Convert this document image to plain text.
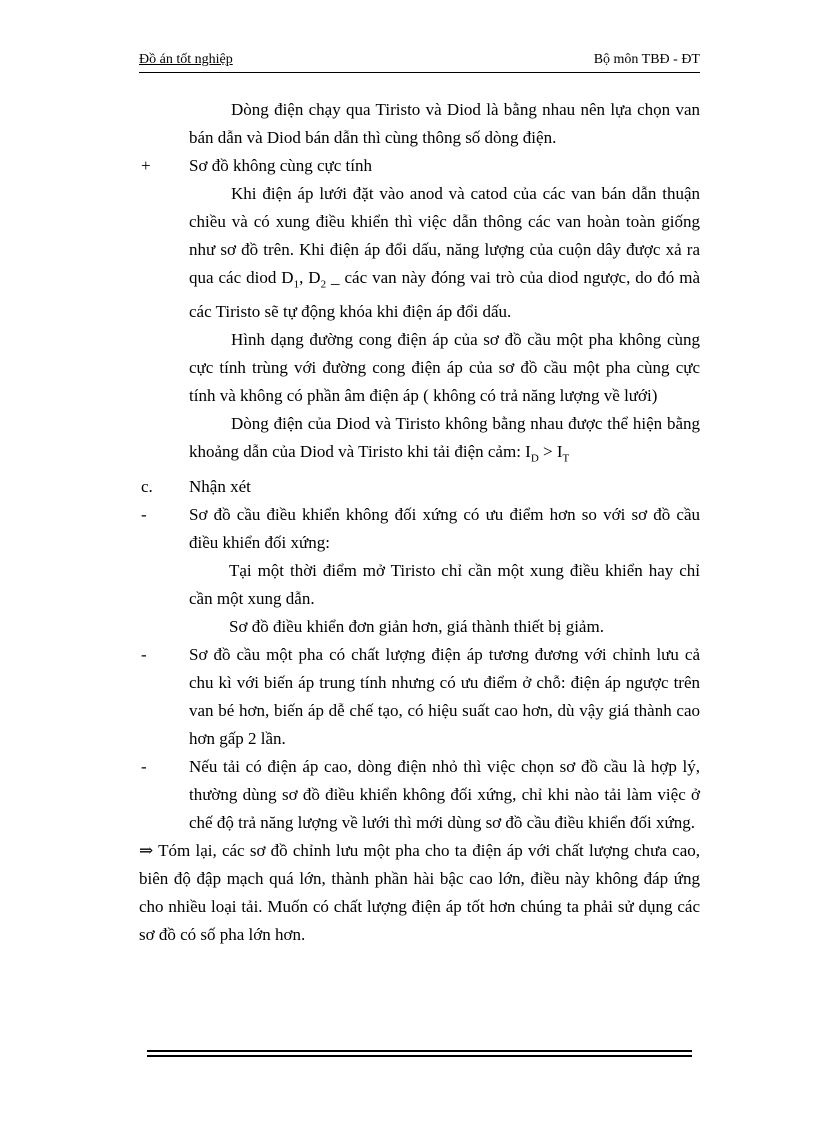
Đồ án tốt nghiệp	Bộ môn TBĐ - ĐT

Dòng điện chạy qua Tiristo và Diod là bằng nhau nên lựa chọn van bán dẫn và Diod bán dẫn thì cùng thông số dòng điện.

+	Sơ đồ không cùng cực tính

Khi điện áp lưới đặt vào anod và catod của các van bán dẫn thuận chiều và có xung điều khiển thì việc dẫn thông các van hoàn toàn giống như sơ đồ trên. Khi điện áp đổi dấu, năng lượng của cuộn dây được xả ra qua các diod $D_1$, $D_2$ _ các van này đóng vai trò của diod ngược, do đó mà các Tiristo sẽ tự động khóa khi điện áp đổi dấu.

Hình dạng đường cong điện áp của sơ đồ cầu một pha không cùng cực tính trùng với đường cong điện áp của sơ đồ cầu một pha cùng cực tính và không có phần âm điện áp ( không có trả năng lượng về lưới)

Dòng điện của Diod và Tiristo không bằng nhau được thể hiện bằng khoảng dẫn của Diod và Tiristo khi tải điện cảm: $I_D > I_T$

c.	Nhận xét

-	Sơ đồ cầu điều khiển không đối xứng có ưu điểm hơn so với sơ đồ cầu điều khiển đối xứng:

Tại một thời điểm mở Tiristo chỉ cần một xung điều khiển hay chỉ cần một xung dẫn.

Sơ đồ điều khiển đơn giản hơn, giá thành thiết bị giảm.

-	Sơ đồ cầu một pha có chất lượng điện áp tương đương với chỉnh lưu cả chu kì với biến áp trung tính nhưng có ưu điểm ở chỗ: điện áp ngược trên van bé hơn, biến áp dễ chế tạo, có hiệu suất cao hơn, dù vậy giá thành cao hơn gấp 2 lần.

-	Nếu tải có điện áp cao, dòng điện nhỏ thì việc chọn sơ đồ cầu là hợp lý, thường dùng sơ đồ điều khiển không đối xứng, chỉ khi nào tải làm việc ở chế độ trả năng lượng về lưới thì mới dùng sơ đồ cầu điều khiển đối xứng.

⇒ Tóm lại, các sơ đồ chỉnh lưu một pha cho ta điện áp với chất lượng chưa cao, biên độ đập mạch quá lớn, thành phần hài bậc cao lớn, điều này không đáp ứng cho nhiều loại tải. Muốn có chất lượng điện áp tốt hơn chúng ta phải sử dụng các sơ đồ có số pha lớn hơn.
